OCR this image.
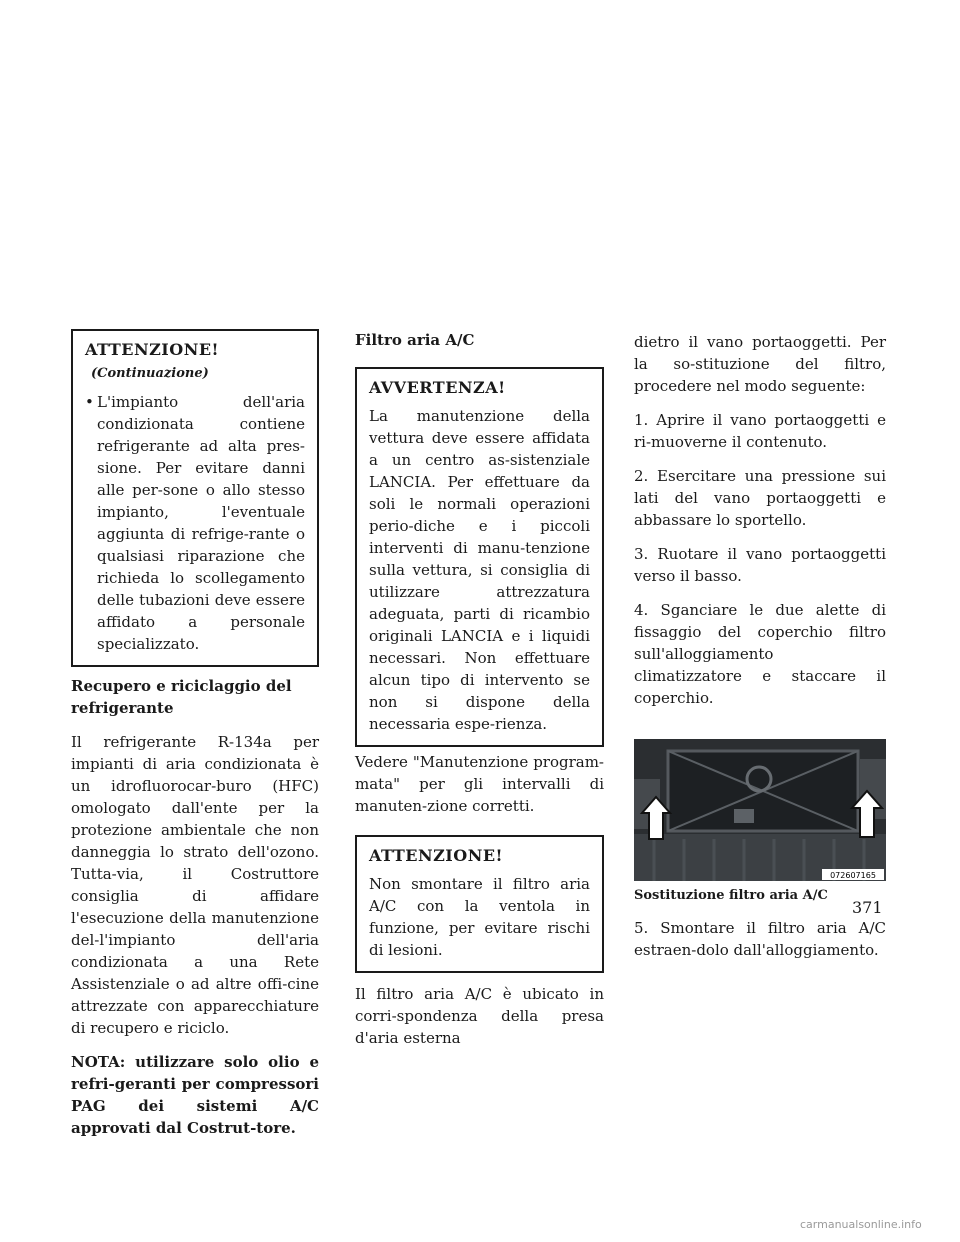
ATTENZIONE!(Continuazione)
• L'impianto dell'aria condizionata contiene refrigerante ad alta pres-sione. Per evitare danni alle per-sone o allo stesso impianto, l'eventuale aggiunta di refrige-rante o qualsiasi riparazione che richieda lo scollegamento delle tubazioni deve essere affidato a personale specializzato.

Recupero e riciclaggio del refrigerante

Il refrigerante R-134a per impianti di aria condizionata è un idrofluorocar-buro (HFC) omologato dall'ente per la protezione ambientale che non danneggia lo strato dell'ozono. Tutta-via, il Costruttore consiglia di affidare l'esecuzione della manutenzione del-l'impianto dell'aria condizionata a una Rete Assistenziale o ad altre offi-cine attrezzate con apparecchiature di recupero e riciclo.

NOTA: utilizzare solo olio e refri-geranti per compressori PAG dei sistemi A/C approvati dal Costrut-tore.

Filtro aria A/C

AVVERTENZA!

La manutenzione della vettura deve essere affidata a un centro as-sistenziale LANCIA. Per effettuare da soli le normali operazioni perio-diche e i piccoli interventi di manu-tenzione sulla vettura, si consiglia di utilizzare attrezzatura adeguata, parti di ricambio originali LANCIA e i liquidi necessari. Non effettuare alcun tipo di intervento se non si dispone della necessaria espe-rienza.

Vedere "Manutenzione program-mata" per gli intervalli di manuten-zione corretti.

ATTENZIONE!

Non smontare il filtro aria A/C con la ventola in funzione, per evitare rischi di lesioni.

Il filtro aria A/C è ubicato in corri-spondenza della presa d'aria esterna

dietro il vano portaoggetti. Per la so-stituzione del filtro, procedere nel modo seguente:

1. Aprire il vano portaoggetti e ri-muoverne il contenuto.

2. Esercitare una pressione sui lati del vano portaoggetti e abbassare lo sportello.

3. Ruotare il vano portaoggetti verso il basso.

4. Sganciare le due alette di fissaggio del coperchio filtro sull'alloggiamento climatizzatore e staccare il coperchio.

072607165

Sostituzione filtro aria A/C

5. Smontare il filtro aria A/C estraen-dolo dall'alloggiamento.

371
carmanualsonline.info
